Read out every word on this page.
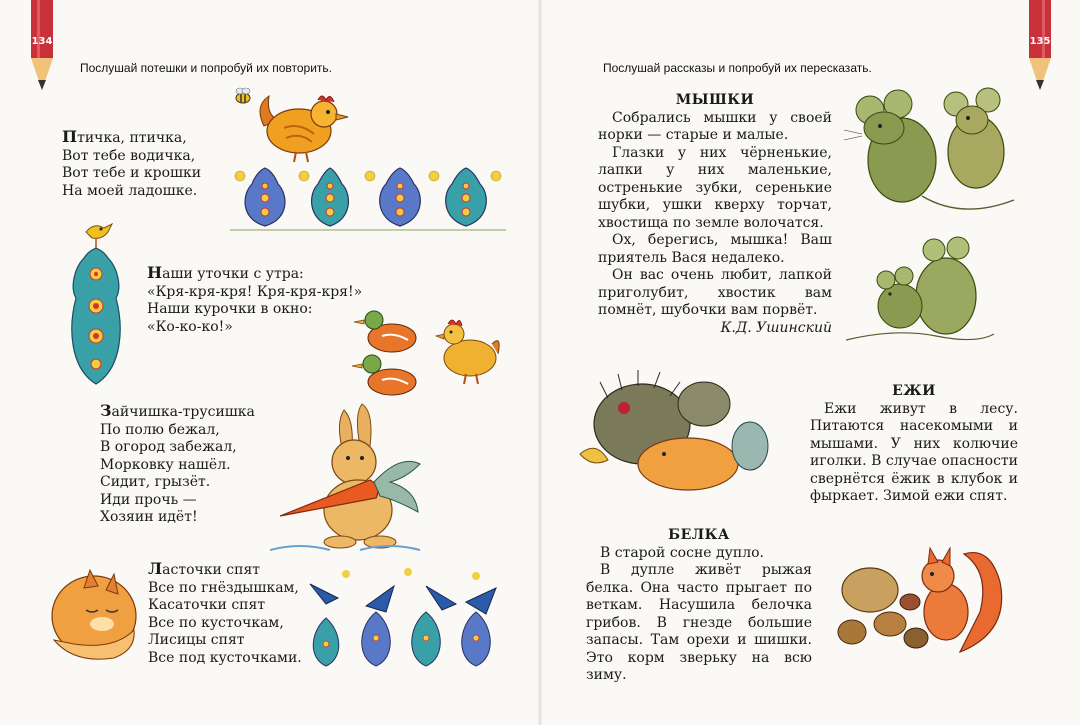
134	135
Послушай потешки и попробуй их повторить.	Послушай рассказы и попробуй их пересказать.
Птичка, птичка,
Вот тебе водичка,
Вот тебе и крошки
На моей ладошке.
Наши уточки с утра:
«Кря-кря-кря! Кря-кря-кря!»
Наши курочки в окно:
«Ко-ко-ко!»
Зайчишка-трусишка
По полю бежал,
В огород забежал,
Морковку нашёл.
Сидит, грызёт.
Иди прочь —
Хозяин идёт!
Ласточки спят
Все по гнёздышкам,
Касаточки спят
Все по кусточкам,
Лисицы спят
Все под кусточками.
МЫШКИ

Собрались мышки у своей норки — старые и малые.

Глазки у них чёрненькие, лапки у них маленькие, остренькие зубки, серенькие шубки, ушки кверху торчат, хвостища по земле волочатся.

Ох, берегись, мышка! Ваш приятель Вася недалеко.

Он вас очень любит, лапкой приголубит, хвостик вам помнёт, шубочки вам порвёт.

К.Д. Ушинский
ЕЖИ

Ежи живут в лесу. Питаются насекомыми и мышами. У них колючие иголки. В случае опасности свернётся ёжик в клубок и фыркает. Зимой ежи спят.

БЕЛКА

В старой сосне дупло.

В дупле живёт рыжая белка. Она часто прыгает по веткам. Насушила белочка грибов. В гнезде большие запасы. Там орехи и шишки. Это корм зверьку на всю зиму.
